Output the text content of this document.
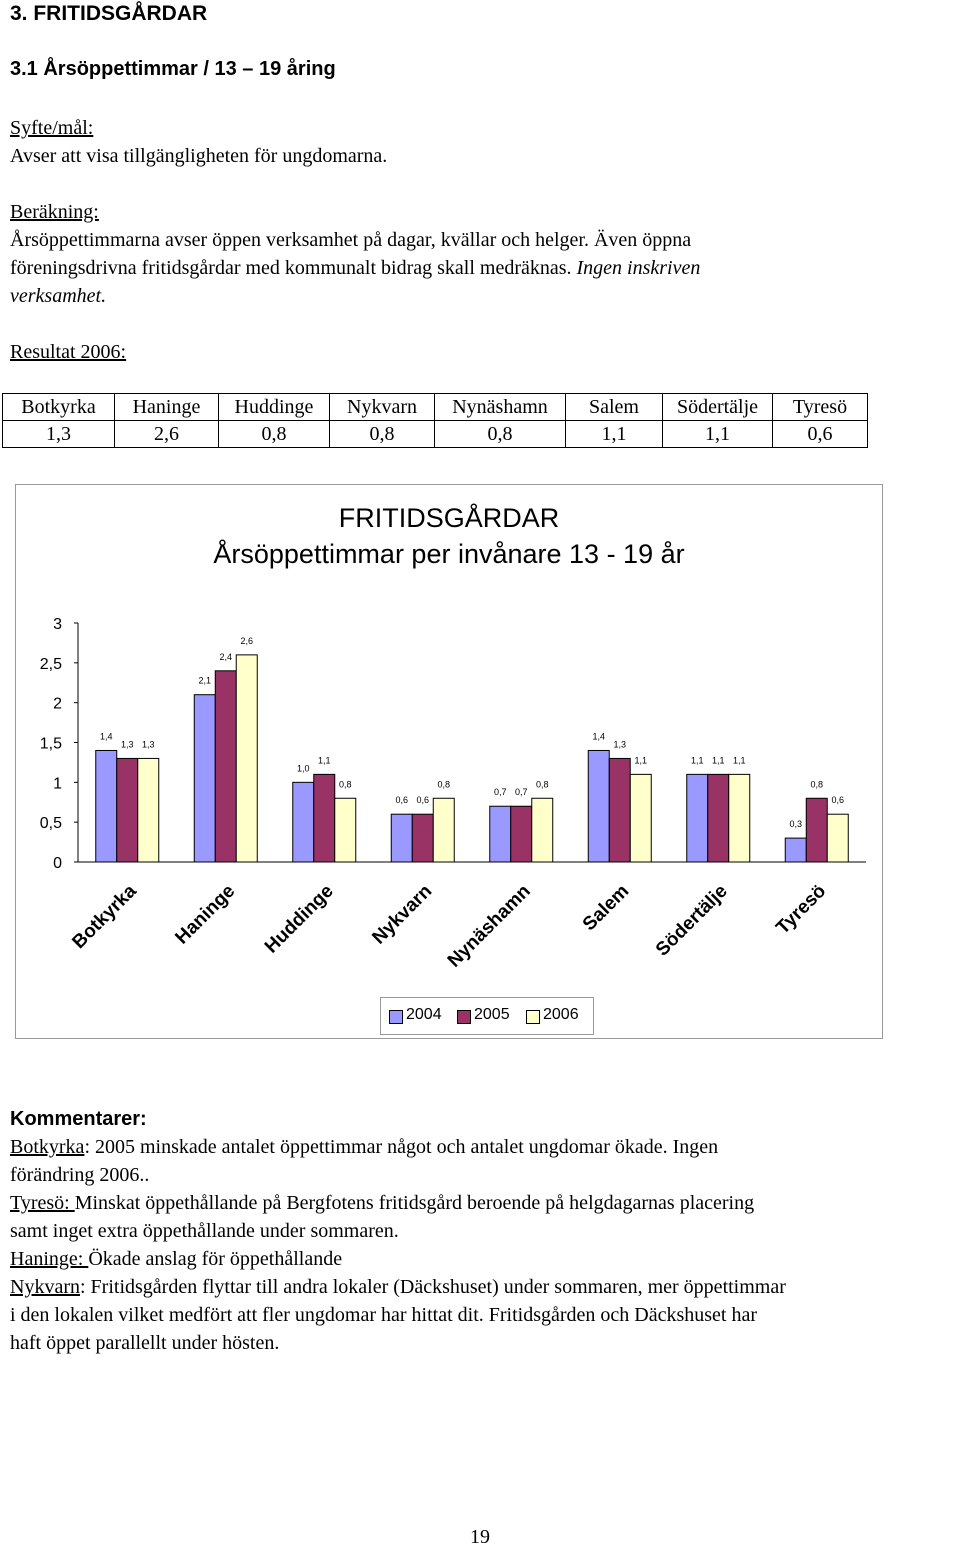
3. FRITIDSGÅRDAR
3.1 Årsöppettimmar / 13 – 19 åring
Syfte/mål:
Avser att visa tillgängligheten för ungdomarna.
Beräkning:
Årsöppettimmarna avser öppen verksamhet på dagar, kvällar och helger. Även öppna
föreningsdrivna fritidsgårdar med kommunalt bidrag skall medräknas. Ingen inskriven
verksamhet.
Resultat 2006:
Botkyrka	Haninge	Huddinge	Nykvarn	Nynäshamn	Salem	Södertälje	Tyresö
1,3	2,6	0,8	0,8	0,8	1,1	1,1	0,6
FRITIDSGÅRDAR
Årsöppettimmar per invånare 13 - 19 år
0
0,5
1
1,5
2
2,5
3
1,4
1,3 1,3
Botkyrka
2,1
2,4
2,6
Haninge
1,0
1,1
0,8
Huddinge
0,6 0,6
0,8
Nykvarn
0,7 0,7
0,8
Nynäshamn
1,4
1,3
1,1
Salem
1,1 1,1 1,1
Södertälje
0,3
0,8
0,6
Tyresö
2004 2005 2006

Kommentarer:

Botkyrka: 2005 minskade antalet öppettimmar något och antalet ungdomar ökade. Ingen

förändring 2006..

Tyresö: Minskat öppethållande på Bergfotens fritidsgård beroende på helgdagarnas placering

samt inget extra öppethållande under sommaren.

Haninge: Ökade anslag för öppethållande

Nykvarn: Fritidsgården flyttar till andra lokaler (Däckshuset) under sommaren, mer öppettimmar

i den lokalen vilket medfört att fler ungdomar har hittat dit. Fritidsgården och Däckshuset har

haft öppet parallellt under hösten.

19
